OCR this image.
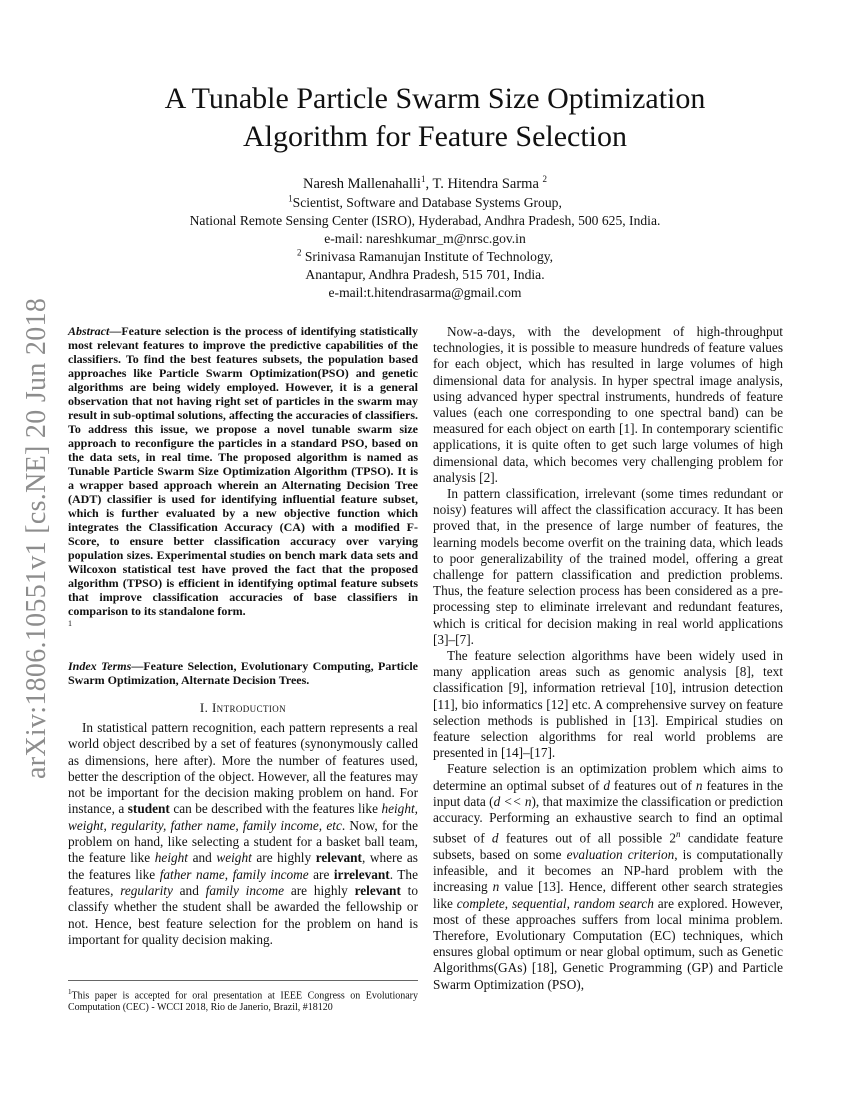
arXiv:1806.10551v1 [cs.NE] 20 Jun 2018
A Tunable Particle Swarm Size Optimization
Algorithm for Feature Selection
Naresh Mallenahalli$^1$, T. Hitendra Sarma $^2$
$^1$Scientist, Software and Database Systems Group,
National Remote Sensing Center (ISRO), Hyderabad, Andhra Pradesh, 500 625, India.
e-mail: nareshkumar_m@nrsc.gov.in
$^2$ Srinivasa Ramanujan Institute of Technology,
Anantapur, Andhra Pradesh, 515 701, India.
e-mail:t.hitendrasarma@gmail.com

Abstract—Feature selection is the process of identifying statistically most relevant features to improve the predictive capabilities of the classifiers. To find the best features subsets, the population based approaches like Particle Swarm Optimization(PSO) and genetic algorithms are being widely employed. However, it is a general observation that not having right set of particles in the swarm may result in sub-optimal solutions, affecting the accuracies of classifiers. To address this issue, we propose a novel tunable swarm size approach to reconfigure the particles in a standard PSO, based on the data sets, in real time. The proposed algorithm is named as Tunable Particle Swarm Size Optimization Algorithm (TPSO). It is a wrapper based approach wherein an Alternating Decision Tree (ADT) classifier is used for identifying influential feature subset, which is further evaluated by a new objective function which integrates the Classification Accuracy (CA) with a modified F-Score, to ensure better classification accuracy over varying population sizes. Experimental studies on bench mark data sets and Wilcoxon statistical test have proved the fact that the proposed algorithm (TPSO) is efficient in identifying optimal feature subsets that improve classification accuracies of base classifiers in comparison to its standalone form.

1

Index Terms—Feature Selection, Evolutionary Computing, Particle Swarm Optimization, Alternate Decision Trees.

I. Introduction

In statistical pattern recognition, each pattern represents a real world object described by a set of features (synonymously called as dimensions, here after). More the number of features used, better the description of the object. However, all the features may not be important for the decision making problem on hand. For instance, a student can be described with the features like height, weight, regularity, father name, family income, etc. Now, for the problem on hand, like selecting a student for a basket ball team, the feature like height and weight are highly relevant, where as the features like father name, family income are irrelevant. The features, regularity and family income are highly relevant to classify whether the student shall be awarded the fellowship or not. Hence, best feature selection for the problem on hand is important for quality decision making.

$^1$This paper is accepted for oral presentation at IEEE Congress on Evolutionary Computation (CEC) - WCCI 2018, Rio de Janerio, Brazil, #18120

Now-a-days, with the development of high-throughput technologies, it is possible to measure hundreds of feature values for each object, which has resulted in large volumes of high dimensional data for analysis. In hyper spectral image analysis, using advanced hyper spectral instruments, hundreds of feature values (each one corresponding to one spectral band) can be measured for each object on earth [1]. In contemporary scientific applications, it is quite often to get such large volumes of high dimensional data, which becomes very challenging problem for analysis [2].

In pattern classification, irrelevant (some times redundant or noisy) features will affect the classification accuracy. It has been proved that, in the presence of large number of features, the learning models become overfit on the training data, which leads to poor generalizability of the trained model, offering a great challenge for pattern classification and prediction problems. Thus, the feature selection process has been considered as a pre-processing step to eliminate irrelevant and redundant features, which is critical for decision making in real world applications [3]–[7].

The feature selection algorithms have been widely used in many application areas such as genomic analysis [8], text classification [9], information retrieval [10], intrusion detection [11], bio informatics [12] etc. A comprehensive survey on feature selection methods is published in [13]. Empirical studies on feature selection algorithms for real world problems are presented in [14]–[17].

Feature selection is an optimization problem which aims to determine an optimal subset of d features out of n features in the input data (d << n), that maximize the classification or prediction accuracy. Performing an exhaustive search to find an optimal subset of d features out of all possible 2$^n$ candidate feature subsets, based on some evaluation criterion, is computationally infeasible, and it becomes an NP-hard problem with the increasing n value [13]. Hence, different other search strategies like complete, sequential, random search are explored. However, most of these approaches suffers from local minima problem. Therefore, Evolutionary Computation (EC) techniques, which ensures global optimum or near global optimum, such as Genetic Algorithms(GAs) [18], Genetic Programming (GP) and Particle Swarm Optimization (PSO),
